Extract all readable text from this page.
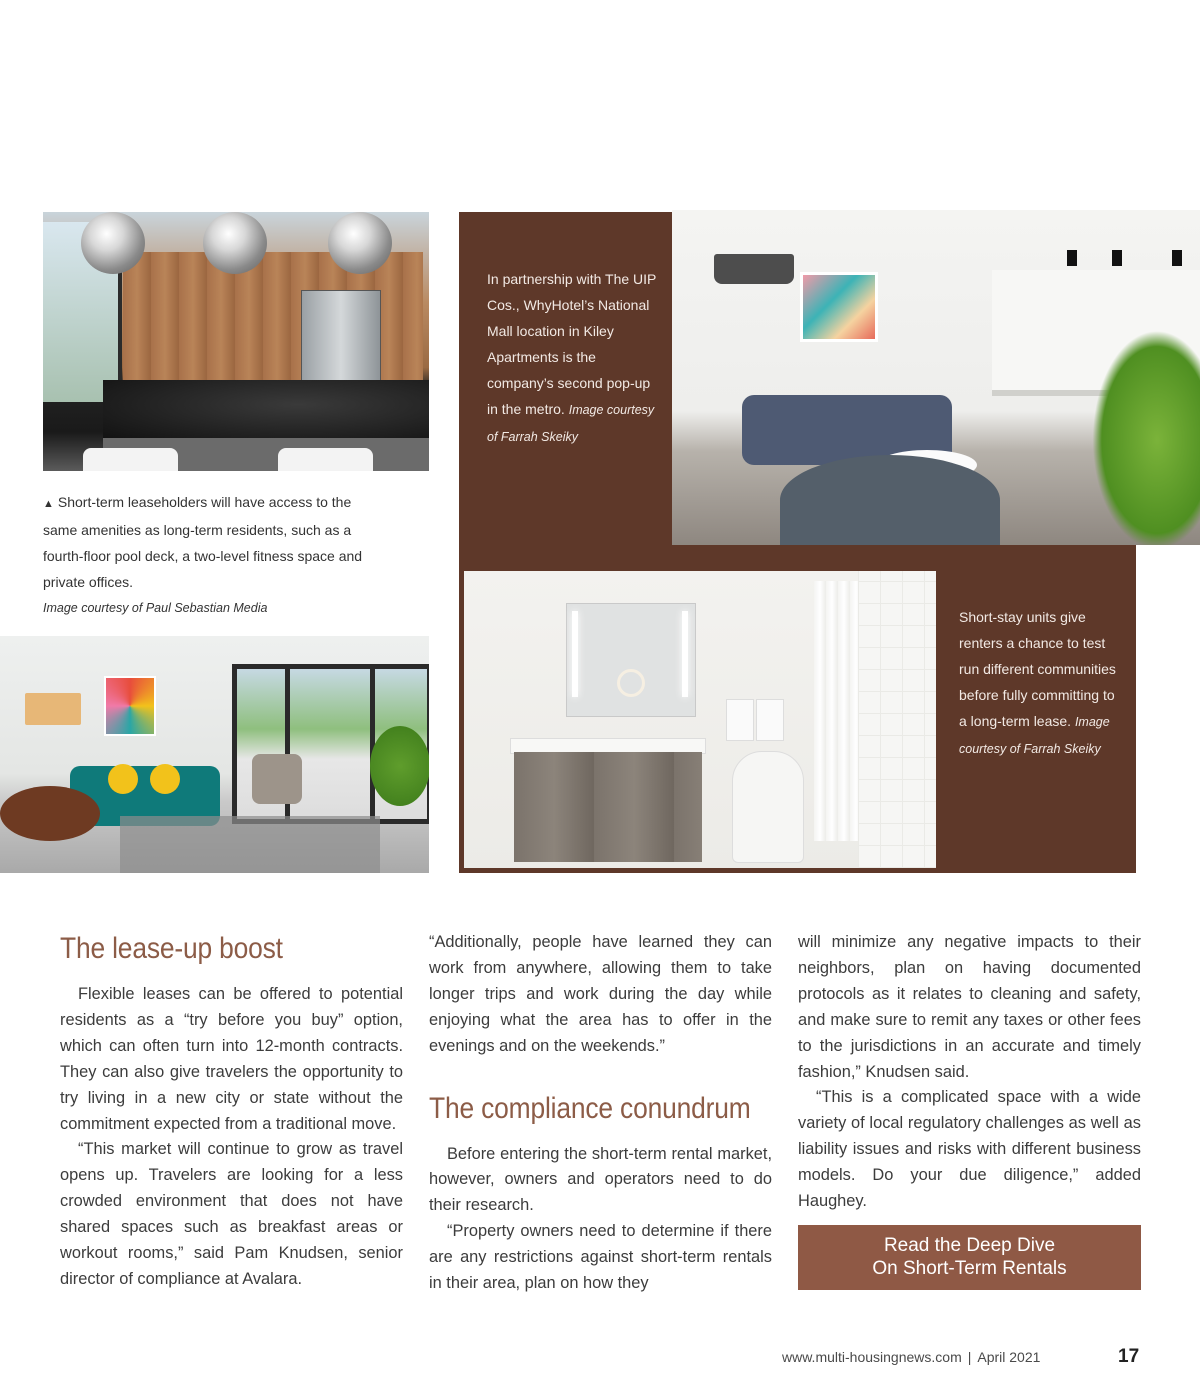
▲ Short-term leaseholders will have access to the same amenities as long-term residents, such as a fourth-floor pool deck, a two-level fitness space and private offices.
Image courtesy of Paul Sebastian Media
In partnership with The UIP Cos., WhyHotel’s National Mall location in Kiley Apartments is the company’s second pop-up in the metro. Image courtesy of Farrah Skeiky
Short-stay units give renters a chance to test run different communities before fully committing to a long-term lease. Image courtesy of Farrah Skeiky
The lease-up boost

Flexible leases can be offered to potential residents as a “try before you buy” option, which can often turn into 12-month contracts. They can also give travelers the opportunity to try living in a new city or state without the commitment expected from a traditional move.

“This market will continue to grow as travel opens up. Travelers are looking for a less crowded environment that does not have shared spaces such as breakfast areas or workout rooms,” said Pam Knudsen, senior director of compliance at Avalara.

“Additionally, people have learned they can work from anywhere, allowing them to take longer trips and work during the day while enjoying what the area has to offer in the evenings and on the weekends.”

The compliance conundrum

Before entering the short-term rental market, however, owners and operators need to do their research.

“Property owners need to determine if there are any restrictions against short-term rentals in their area, plan on how they

will minimize any negative impacts to their neighbors, plan on having documented protocols as it relates to cleaning and safety, and make sure to remit any taxes or other fees to the jurisdictions in an accurate and timely fashion,” Knudsen said.

“This is a complicated space with a wide variety of local regulatory challenges as well as liability issues and risks with different business models. Do your due diligence,” added Haughey.

Read the Deep Dive
On Short-Term Rentals
www.multi-housingnews.com | April 2021	17
